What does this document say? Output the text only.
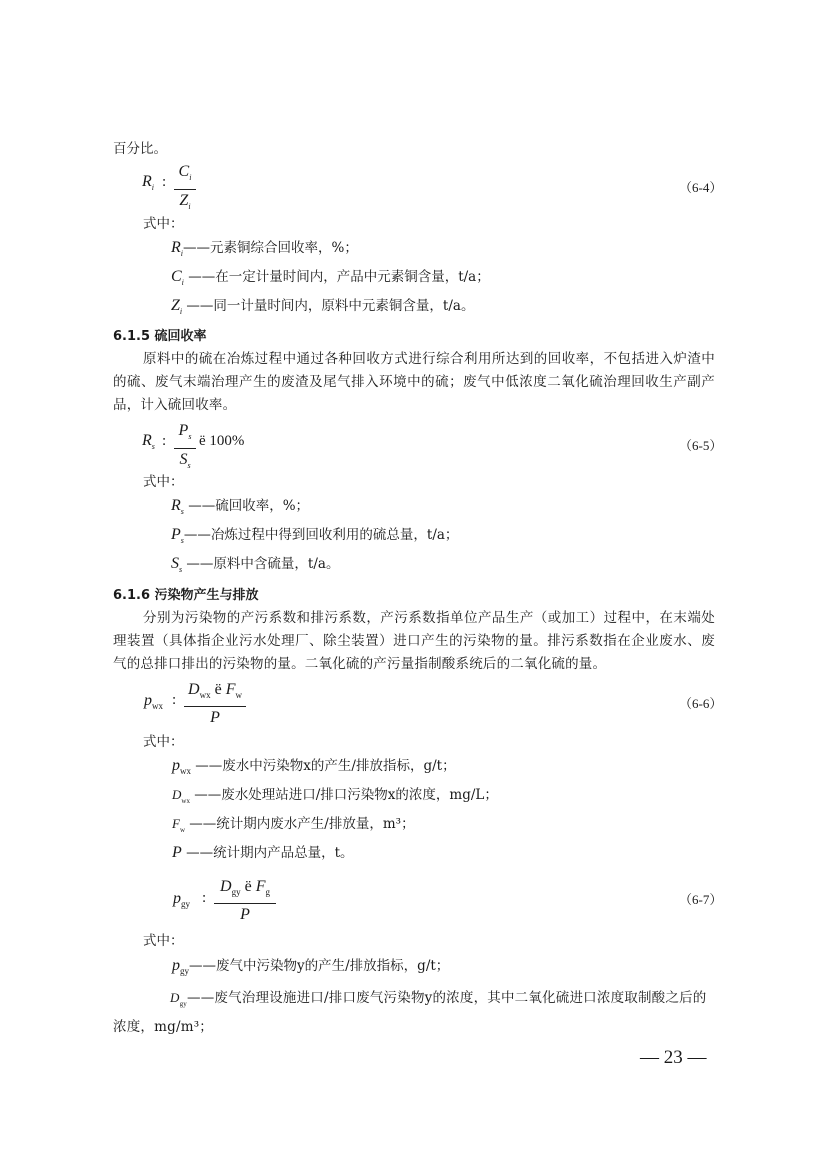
百分比。
$R_i$ :
$C_i$
$Z_i$
（6-4）
式中：
$R_i——$元素铜综合回收率，%；
$C_i$ ——在一定计量时间内，产品中元素铜含量，t/a；
$Z_i$ ——同一计量时间内，原料中元素铜含量，t/a。
6.1.5 硫回收率
原料中的硫在冶炼过程中通过各种回收方式进行综合利用所达到的回收率，不包括进入炉渣中的硫、废气末端治理产生的废渣及尾气排入环境中的硫；废气中低浓度二氧化硫治理回收生产副产品，计入硫回收率。
$R_s$ :
$P_s$
$S_s$
ë 100%	（6-5）
式中：
$R_s$ ——硫回收率，%；
$P_s——$冶炼过程中得到回收利用的硫总量，t/a；
$S_s$ ——原料中含硫量，t/a。
6.1.6 污染物产生与排放
分别为污染物的产污系数和排污系数，产污系数指单位产品生产（或加工）过程中，在末端处理装置（具体指企业污水处理厂、除尘装置）进口产生的污染物的量。排污系数指在企业废水、废气的总排口排出的污染物的量。二氧化硫的产污量指制酸系统后的二氧化硫的量。
$p_{wx}$ :
$D_{wx}$ ë $F_w$
P
（6-6）
式中：
$p_{wx}$ ——废水中污染物x的产生/排放指标，g/t；
$D_{wx}$ ——废水处理站进口/排口污染物x的浓度，mg/L；
$F_w$ ——统计期内废水产生/排放量，m³；
P ——统计期内产品总量，t。
$p_{gy}$ :
$D_{gy}$ ë $F_g$
P
（6-7）
式中：
$p_{gy}——$废气中污染物y的产生/排放指标，g/t；
$D_{gy}——$废气治理设施进口/排口废气污染物y的浓度，其中二氧化硫进口浓度取制酸之后的浓度，mg/m³；
— 23 —
